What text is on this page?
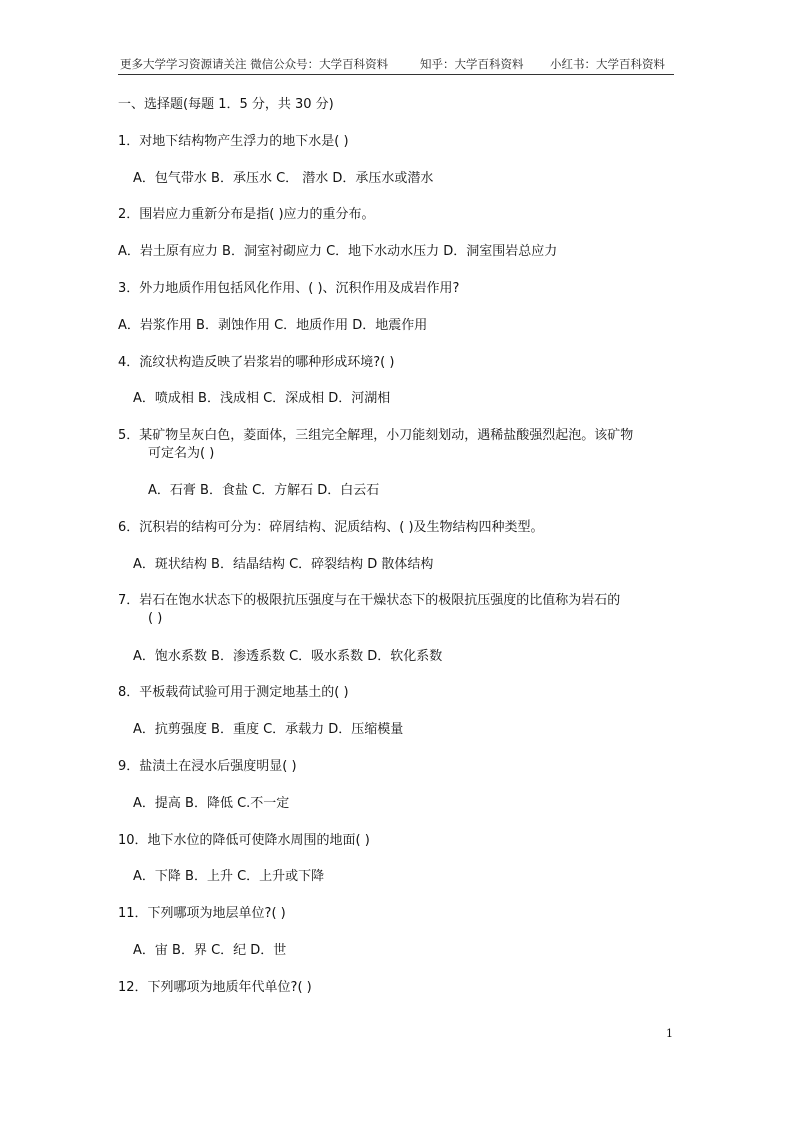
更多大学学习资源请关注 微信公众号：大学百科资料	知乎：大学百科资料 小红书：大学百科资料
一、选择题(每题 1．5 分，共 30 分)
1．对地下结构物产生浮力的地下水是( )
A．包气带水 B．承压水 C． 潜水 D．承压水或潜水
2．围岩应力重新分布是指( )应力的重分布。
A．岩土原有应力 B．洞室衬砌应力 C．地下水动水压力 D．洞室围岩总应力
3．外力地质作用包括风化作用、( )、沉积作用及成岩作用?
A．岩浆作用 B．剥蚀作用 C．地质作用 D．地震作用
4．流纹状构造反映了岩浆岩的哪种形成环境?( )
A．喷成相 B．浅成相 C．深成相 D．河湖相
5．某矿物呈灰白色，菱面体，三组完全解理，小刀能刻划动，遇稀盐酸强烈起泡。该矿物
可定名为( )
A．石膏 B．食盐 C．方解石 D．白云石
6．沉积岩的结构可分为：碎屑结构、泥质结构、( )及生物结构四种类型。
A．斑状结构 B．结晶结构 C．碎裂结构 D 散体结构
7．岩石在饱水状态下的极限抗压强度与在干燥状态下的极限抗压强度的比值称为岩石的
( )
A．饱水系数 B．渗透系数 C．吸水系数 D．软化系数
8．平板载荷试验可用于测定地基土的( )
A．抗剪强度 B．重度 C．承载力 D．压缩模量
9．盐渍土在浸水后强度明显( )
A．提高 B．降低 C.不一定
10．地下水位的降低可使降水周围的地面( )
A．下降 B．上升 C．上升或下降
11．下列哪项为地层单位?( )
A．宙 B．界 C．纪 D．世
12．下列哪项为地质年代单位?( )
1
